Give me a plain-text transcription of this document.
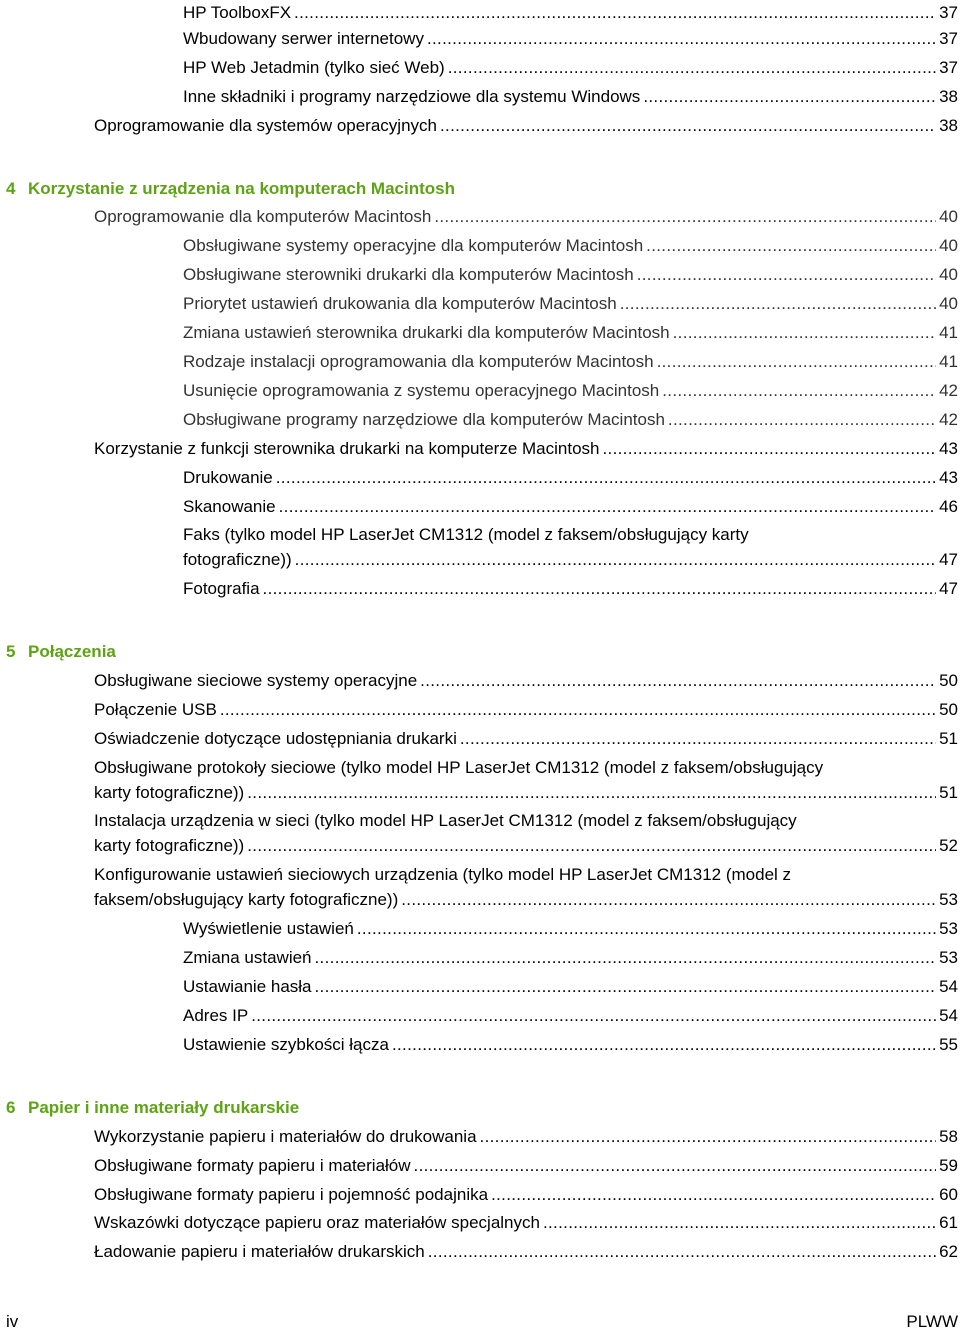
HP ToolboxFX . . .	37
Wbudowany serwer internetowy . . .	37
HP Web Jetadmin (tylko sieć Web) . . .	37
Inne składniki i programy narzędziowe dla systemu Windows . . .	38
Oprogramowanie dla systemów operacyjnych . . .	38
4 Korzystanie z urządzenia na komputerach Macintosh
Oprogramowanie dla komputerów Macintosh . . .	40
Obsługiwane systemy operacyjne dla komputerów Macintosh . . .	40
Obsługiwane sterowniki drukarki dla komputerów Macintosh . . .	40
Priorytet ustawień drukowania dla komputerów Macintosh . . .	40
Zmiana ustawień sterownika drukarki dla komputerów Macintosh . . .	41
Rodzaje instalacji oprogramowania dla komputerów Macintosh . . .	41
Usunięcie oprogramowania z systemu operacyjnego Macintosh . . .	42
Obsługiwane programy narzędziowe dla komputerów Macintosh . . .	42
Korzystanie z funkcji sterownika drukarki na komputerze Macintosh . . .	43
Drukowanie . . .	43
Skanowanie . . .	46
Faks (tylko model HP LaserJet CM1312 (model z faksem/obsługujący karty
fotograficzne)) . . .	47
Fotografia . . .	47
5 Połączenia
Obsługiwane sieciowe systemy operacyjne . . .	50
Połączenie USB . . .	50
Oświadczenie dotyczące udostępniania drukarki . . .	51
Obsługiwane protokoły sieciowe (tylko model HP LaserJet CM1312 (model z faksem/obsługujący
karty fotograficzne)) . . .	51
Instalacja urządzenia w sieci (tylko model HP LaserJet CM1312 (model z faksem/obsługujący
karty fotograficzne)) . . .	52
Konfigurowanie ustawień sieciowych urządzenia (tylko model HP LaserJet CM1312 (model z
faksem/obsługujący karty fotograficzne)) . . .	53
Wyświetlenie ustawień . . .	53
Zmiana ustawień . . .	53
Ustawianie hasła . . .	54
Adres IP . . .	54
Ustawienie szybkości łącza . . .	55
6 Papier i inne materiały drukarskie
Wykorzystanie papieru i materiałów do drukowania . . .	58
Obsługiwane formaty papieru i materiałów . . .	59
Obsługiwane formaty papieru i pojemność podajnika . . .	60
Wskazówki dotyczące papieru oraz materiałów specjalnych . . .	61
Ładowanie papieru i materiałów drukarskich . . .	62
iv	PLWW
